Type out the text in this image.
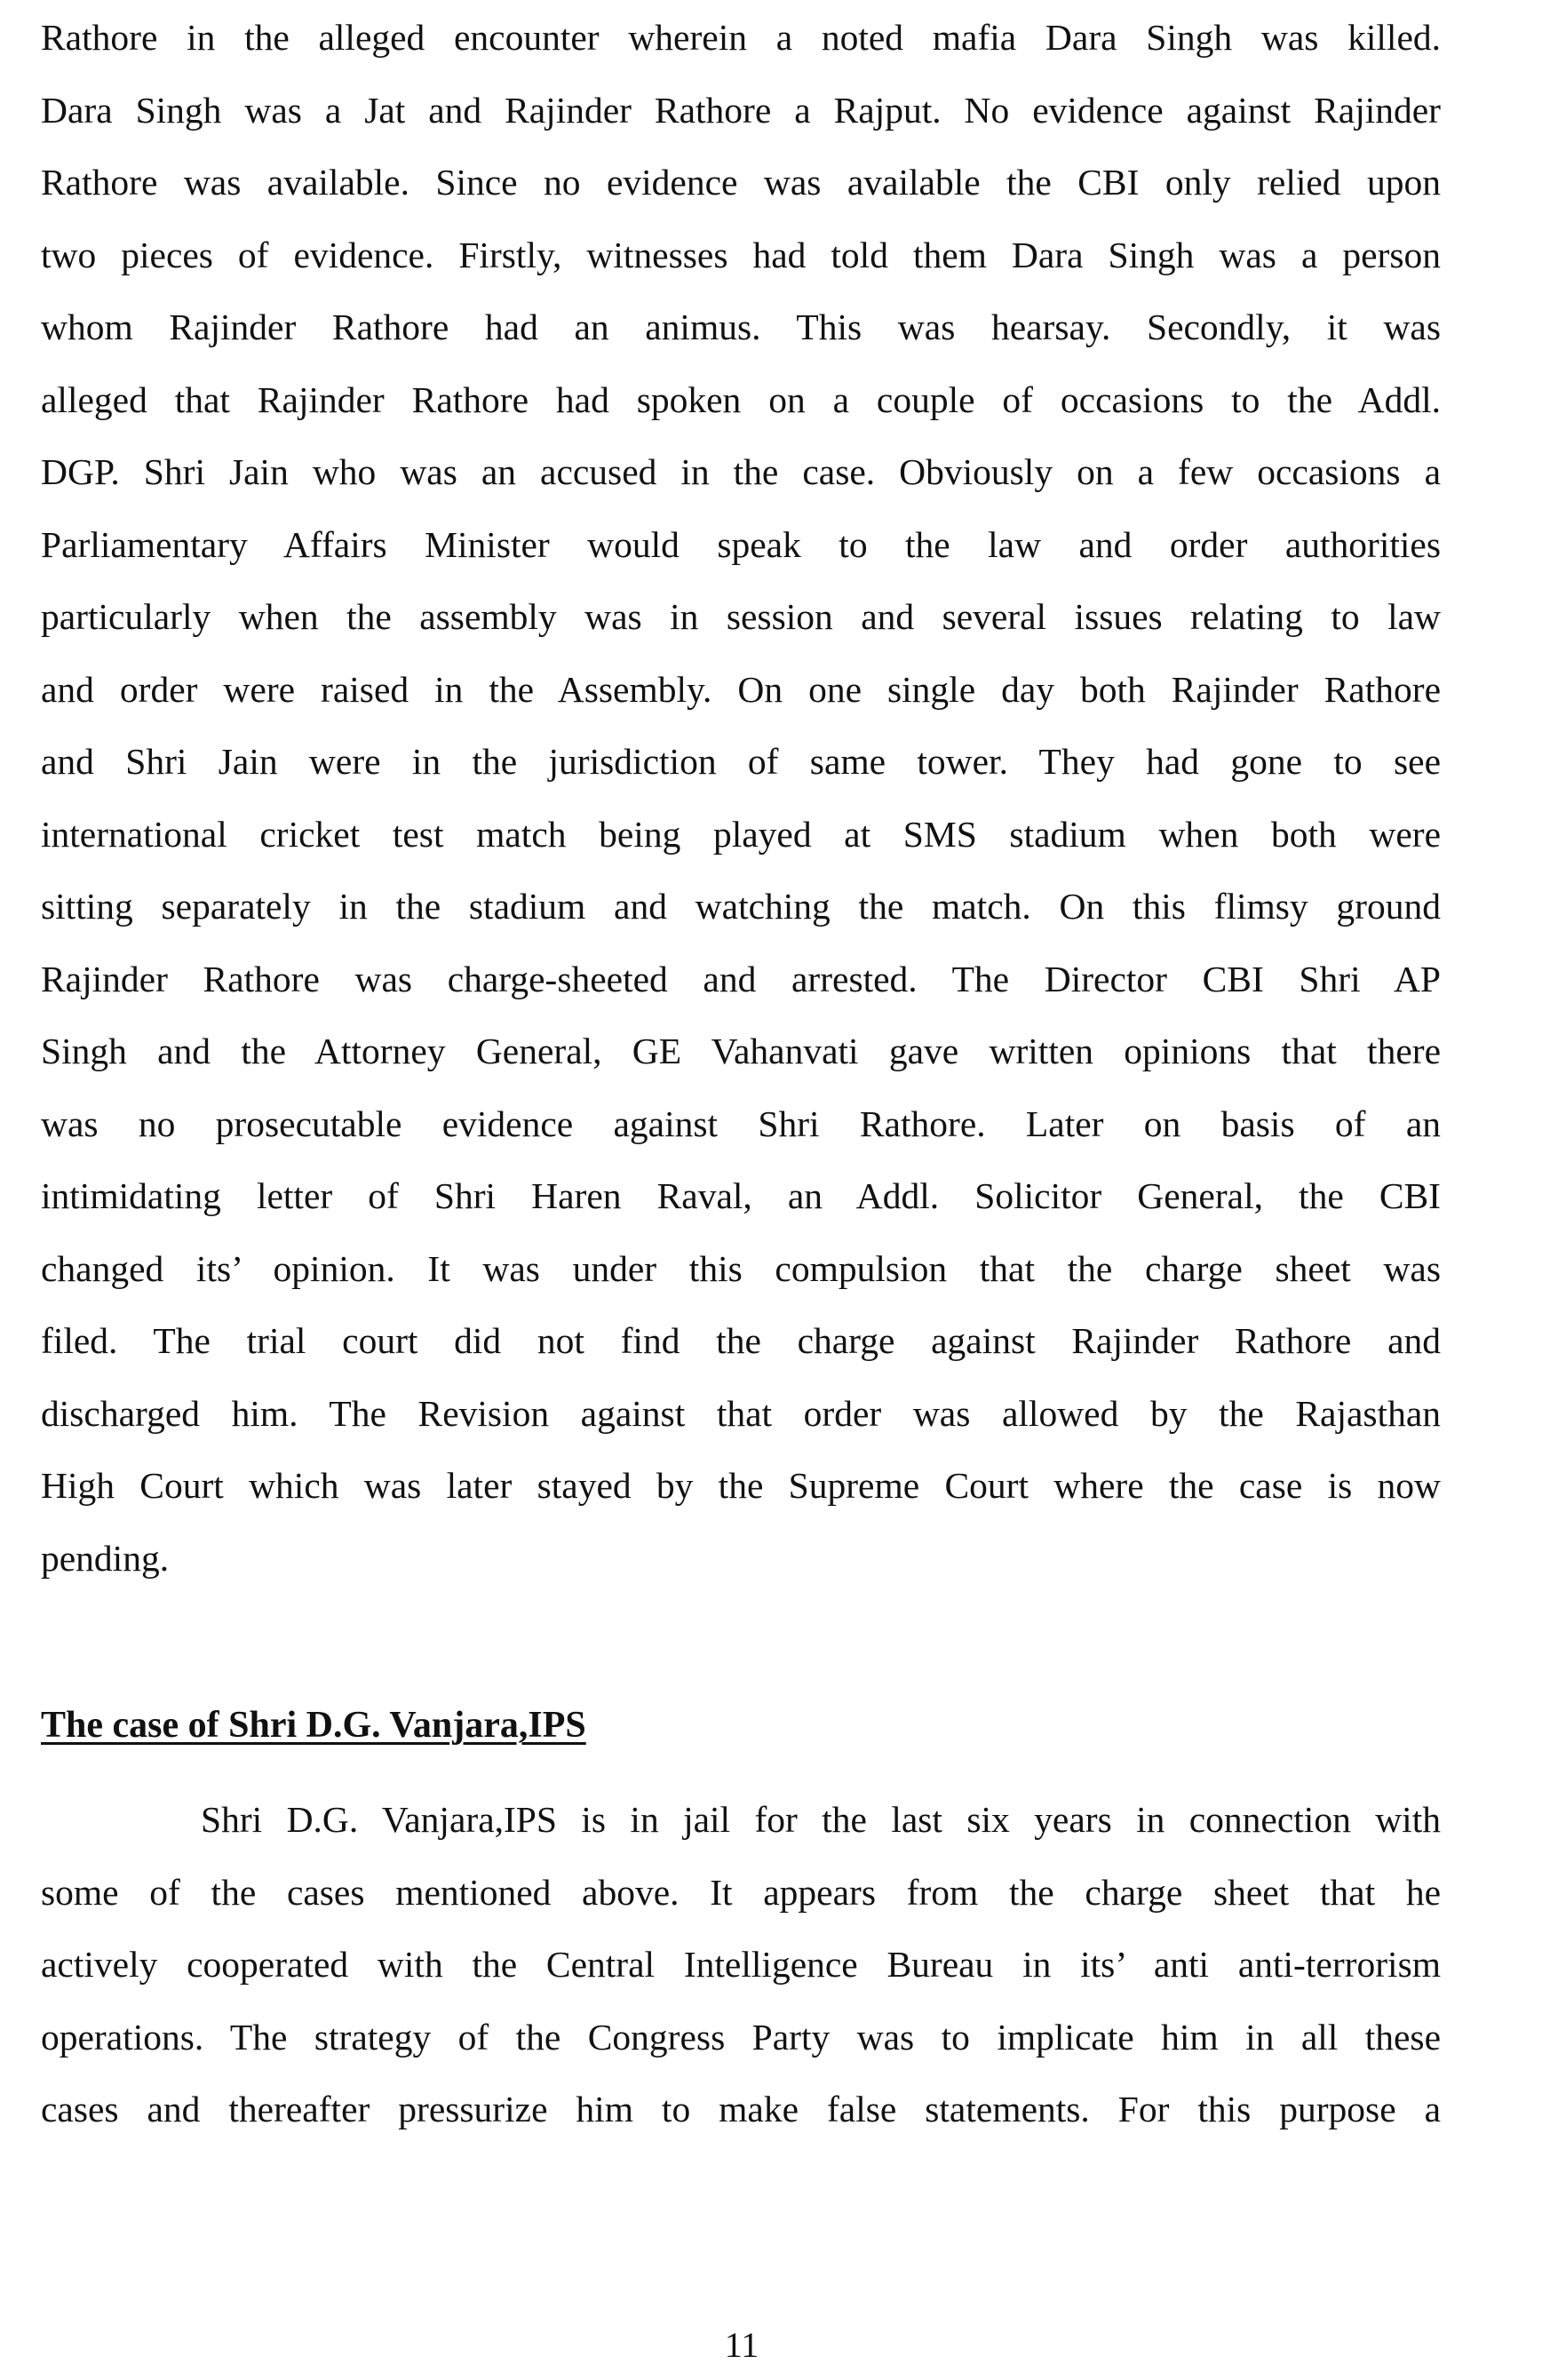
Rathore in the alleged encounter wherein a noted mafia Dara Singh was killed.
Dara Singh was a Jat and Rajinder Rathore a Rajput. No evidence against Rajinder
Rathore was available. Since no evidence was available the CBI only relied upon
two pieces of evidence. Firstly, witnesses had told them Dara Singh was a person
whom Rajinder Rathore had an animus. This was hearsay. Secondly, it was
alleged that Rajinder Rathore had spoken on a couple of occasions to the Addl.
DGP. Shri Jain who was an accused in the case. Obviously on a few occasions a
Parliamentary Affairs Minister would speak to the law and order authorities
particularly when the assembly was in session and several issues relating to law
and order were raised in the Assembly. On one single day both Rajinder Rathore
and Shri Jain were in the jurisdiction of same tower. They had gone to see
international cricket test match being played at SMS stadium when both were
sitting separately in the stadium and watching the match. On this flimsy ground
Rajinder Rathore was charge-sheeted and arrested. The Director CBI Shri AP
Singh and the Attorney General, GE Vahanvati gave written opinions that there
was no prosecutable evidence against Shri Rathore. Later on basis of an
intimidating letter of Shri Haren Raval, an Addl. Solicitor General, the CBI
changed its’ opinion. It was under this compulsion that the charge sheet was
filed. The trial court did not find the charge against Rajinder Rathore and
discharged him. The Revision against that order was allowed by the Rajasthan
High Court which was later stayed by the Supreme Court where the case is now
pending.
The case of Shri D.G. Vanjara,IPS
Shri D.G. Vanjara,IPS is in jail for the last six years in connection with
some of the cases mentioned above. It appears from the charge sheet that he
actively cooperated with the Central Intelligence Bureau in its’ anti anti-terrorism
operations. The strategy of the Congress Party was to implicate him in all these
cases and thereafter pressurize him to make false statements. For this purpose a
11
